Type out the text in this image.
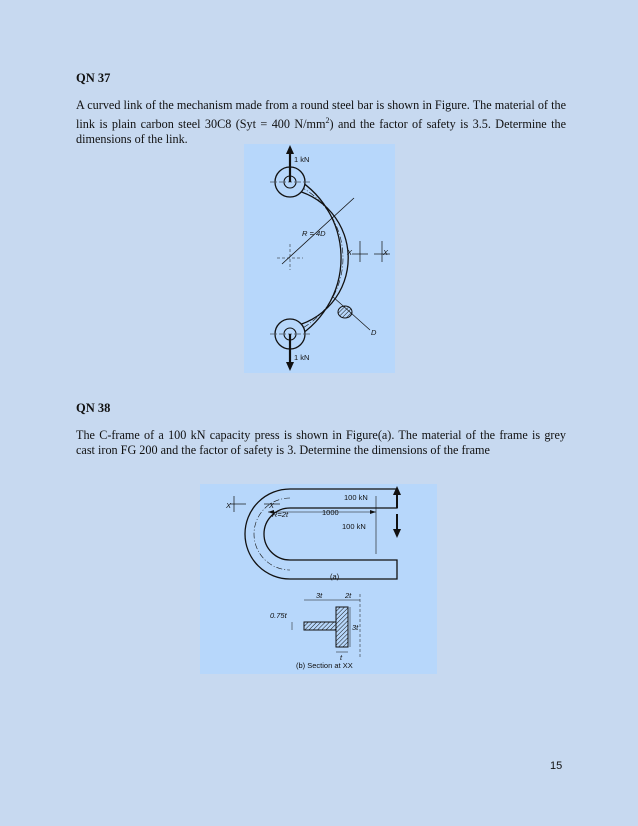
QN 37
A curved link of the mechanism made from a round steel bar is shown in Figure. The material of the link is plain carbon steel 30C8 (Syt = 400 $N/mm^2$) and the factor of safety is 3.5. Determine the dimensions of the link.
1 kN
1 kN
R = 4D
X	X
D
QN 38
The C-frame of a 100 kN capacity press is shown in Figure(a). The material of the frame is grey cast iron FG 200 and the factor of safety is 3. Determine the dimensions of the frame
X	X
R=2t	1000
100 kN
100 kN
(a)
3t	2t
0.75t
3t
t
(b) Section at XX
15
